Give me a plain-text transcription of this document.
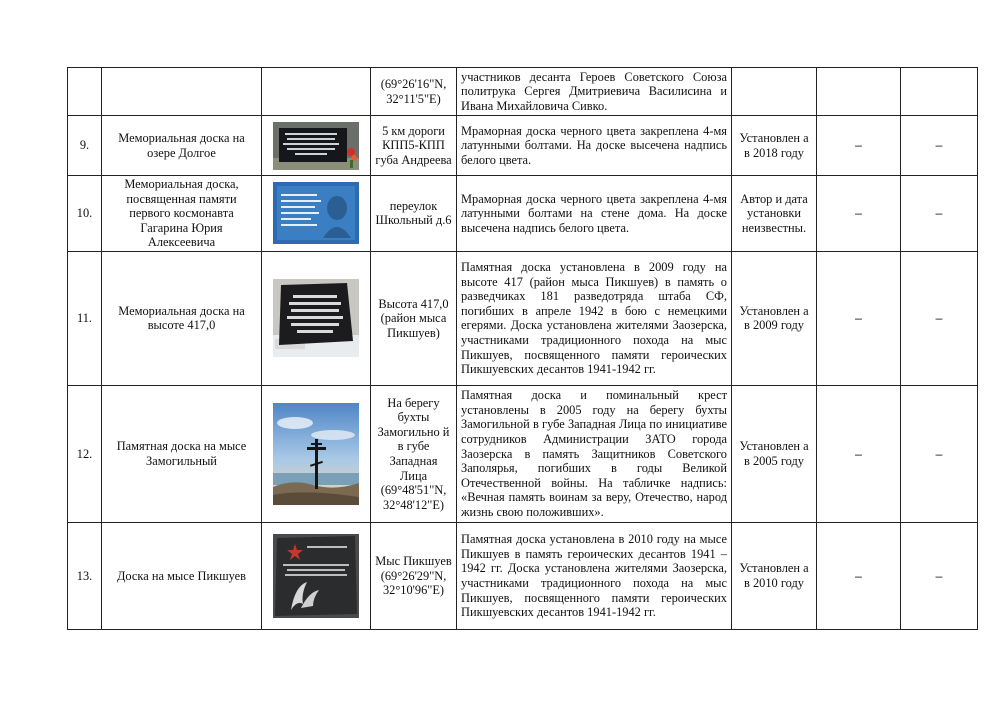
			(69°26'16"N, 32°11'5"E)	участников десанта Героев Советского Союза политрука Сергея Дмитриевича Василисина и Ивана Михайловича Сивко.			
9.	Мемориальная доска на озере Долгое		5 км дороги КПП5-КПП губа Андреева	Мраморная доска черного цвета закреплена 4-мя латунными болтами. На доске высечена надпись белого цвета.	Установлен а в 2018 году	–	–
10.	Мемориальная доска, посвященная памяти первого космонавта Гагарина Юрия Алексеевича		переулок Школьный д.6	Мраморная доска черного цвета закреплена 4-мя латунными болтами на стене дома. На доске высечена надпись белого цвета.	Автор и дата установки неизвестны.	–	–
11.	Мемориальная доска на высоте 417,0		Высота 417,0 (район мыса Пикшуев)	Памятная доска установлена в 2009 году на высоте 417 (район мыса Пикшуев) в память о разведчиках 181 разведотряда штаба СФ, погибших в апреле 1942 в бою с немецкими егерями. Доска установлена жителями Заозерска, участниками традиционного похода на мыс Пикшуев, посвященного памяти героических Пикшуевских десантов 1941-1942 гг.	Установлен а в 2009 году	–	–
12.	Памятная доска на мысе Замогильный		На берегу бухты Замогильно й в губе Западная Лица (69°48'51"N, 32°48'12"E)	Памятная доска и поминальный крест установлены в 2005 году на берегу бухты Замогильной в губе Западная Лица по инициативе сотрудников Администрации ЗАТО города Заозерска в память Защитников Советского Заполярья, погибших в годы Великой Отечественной войны. На табличке надпись: «Вечная память воинам за веру, Отечество, народ жизнь свою положивших».	Установлен а в 2005 году	–	–
13.	Доска на мысе Пикшуев		Мыс Пикшуев (69°26'29"N, 32°10'96"E)	Памятная доска установлена в 2010 году на мысе Пикшуев в память героических десантов 1941 – 1942 гг. Доска установлена жителями Заозерска, участниками традиционного похода на мыс Пикшуев, посвященного памяти героических Пикшуевских десантов 1941-1942 гг.	Установлен а в 2010 году	–	–
